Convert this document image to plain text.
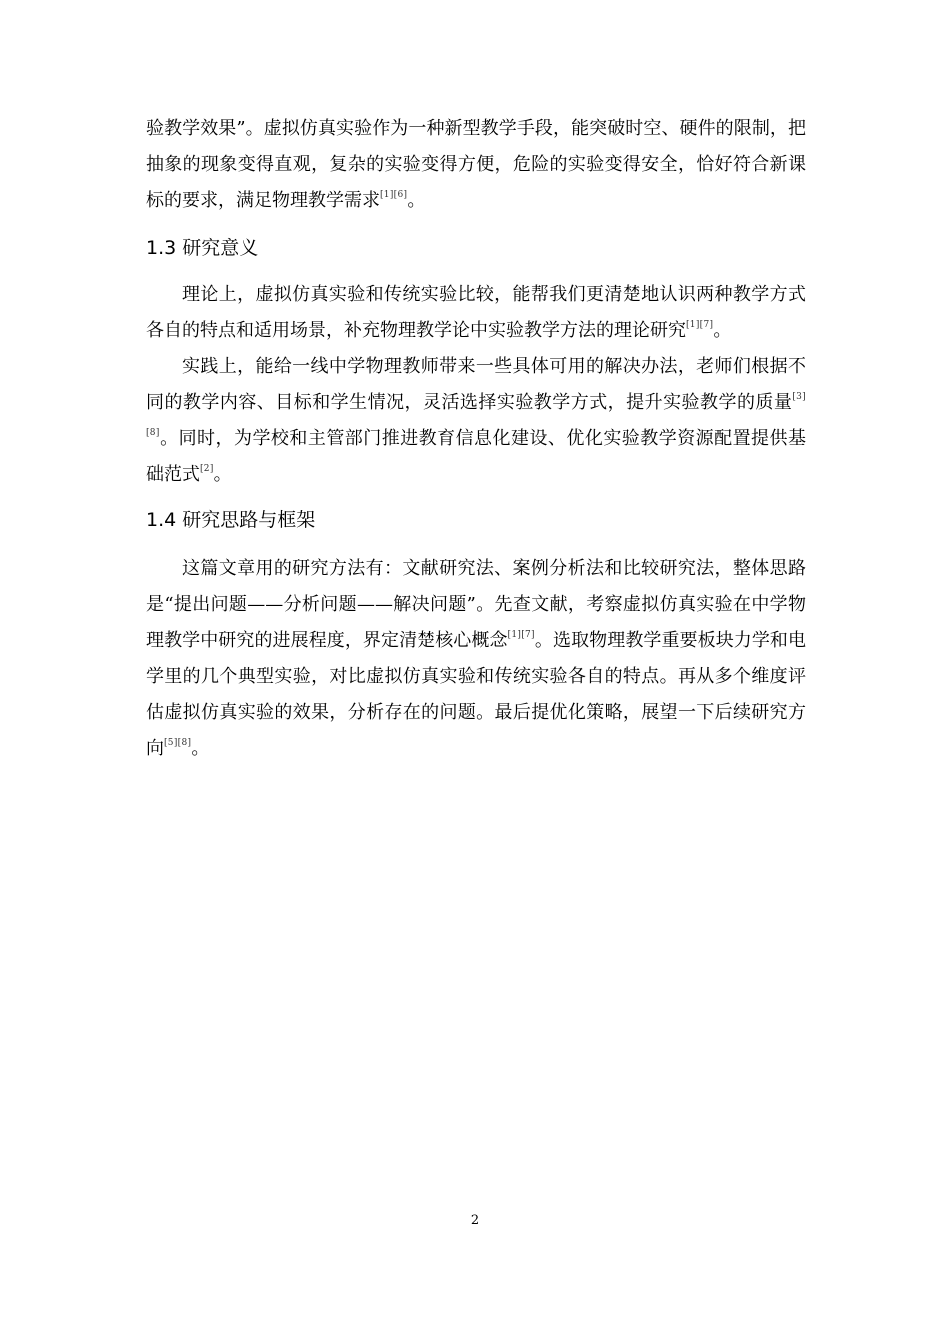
验教学效果”。虚拟仿真实验作为一种新型教学手段，能突破时空、硬件的限制，把抽象的现象变得直观，复杂的实验变得方便，危险的实验变得安全，恰好符合新课标的要求，满足物理教学需求[1][6]。

1.3 研究意义

理论上，虚拟仿真实验和传统实验比较，能帮我们更清楚地认识两种教学方式各自的特点和适用场景，补充物理教学论中实验教学方法的理论研究[1][7]。

实践上，能给一线中学物理教师带来一些具体可用的解决办法，老师们根据不同的教学内容、目标和学生情况，灵活选择实验教学方式，提升实验教学的质量[3][8]。同时，为学校和主管部门推进教育信息化建设、优化实验教学资源配置提供基础范式[2]。

1.4 研究思路与框架

这篇文章用的研究方法有：文献研究法、案例分析法和比较研究法，整体思路是“提出问题——分析问题——解决问题”。先查文献，考察虚拟仿真实验在中学物理教学中研究的进展程度，界定清楚核心概念[1][7]。选取物理教学重要板块力学和电学里的几个典型实验，对比虚拟仿真实验和传统实验各自的特点。再从多个维度评估虚拟仿真实验的效果，分析存在的问题。最后提优化策略，展望一下后续研究方向[5][8]。

2
